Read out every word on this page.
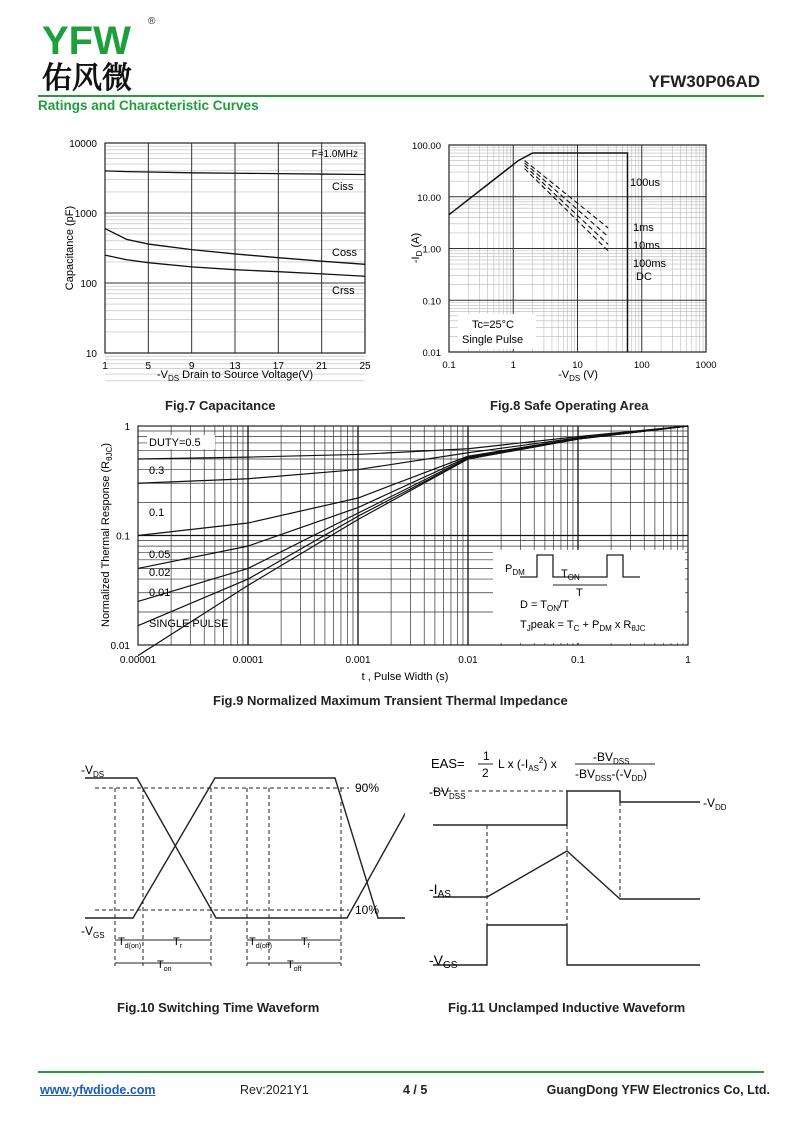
YFW ®
佑风微	YFW30P06AD
Ratings and Characteristic Curves
10000
1000
100
10
1	5	9	13	17	21	25
F=1.0MHz
Ciss
Coss
Crss
Capacitance (pF)
$-V_{DS}$ Drain to Source Voltage(V)
Fig.7 Capacitance
100.00
10.00
1.00
0.10
0.01
0.1	1	10	100	1000
100us
1ms
10ms
100ms
DC
Tc=25°C
Single Pulse
$-I_D$ (A)
$-V_{DS}$ (V)
Fig.8 Safe Operating Area
1
0.1
0.01
0.00001	0.0001	0.001	0.01	0.1	1
DUTY=0.5
0.3
0.1
0.05
0.02
0.01
SINGLE PULSE
$P_{DM}$	$T_{ON}$
T
$D = T_{ON}/T$
$T_Jpeak = T_C + P_{DM}$ x $R_{\theta JC}$
Normalized Thermal Response $(R_{\theta JC})$
t , Pulse Width (s)
Fig.9 Normalized Maximum Transient Thermal Impedance
$-V_{DS}$
$-V_{GS}$
90%
10%
$T_{d(on)}$	$T_r$
$T_{on}$
$T_{d(off)}$	$T_f$
$T_{off}$
Fig.10 Switching Time Waveform
EAS= 1
2
L x $(-I_{AS}^2)$ x	$-BV_{DSS}$
$-BV_{DSS}-(-V_{DD})$
$-BV_{DSS}$	$-V_{DD}$
$-I_{AS}$
$-V_{GS}$
Fig.11 Unclamped Inductive Waveform
www.yfwdiode.com	Rev:2021Y1	4 / 5	GuangDong YFW Electronics Co, Ltd.
